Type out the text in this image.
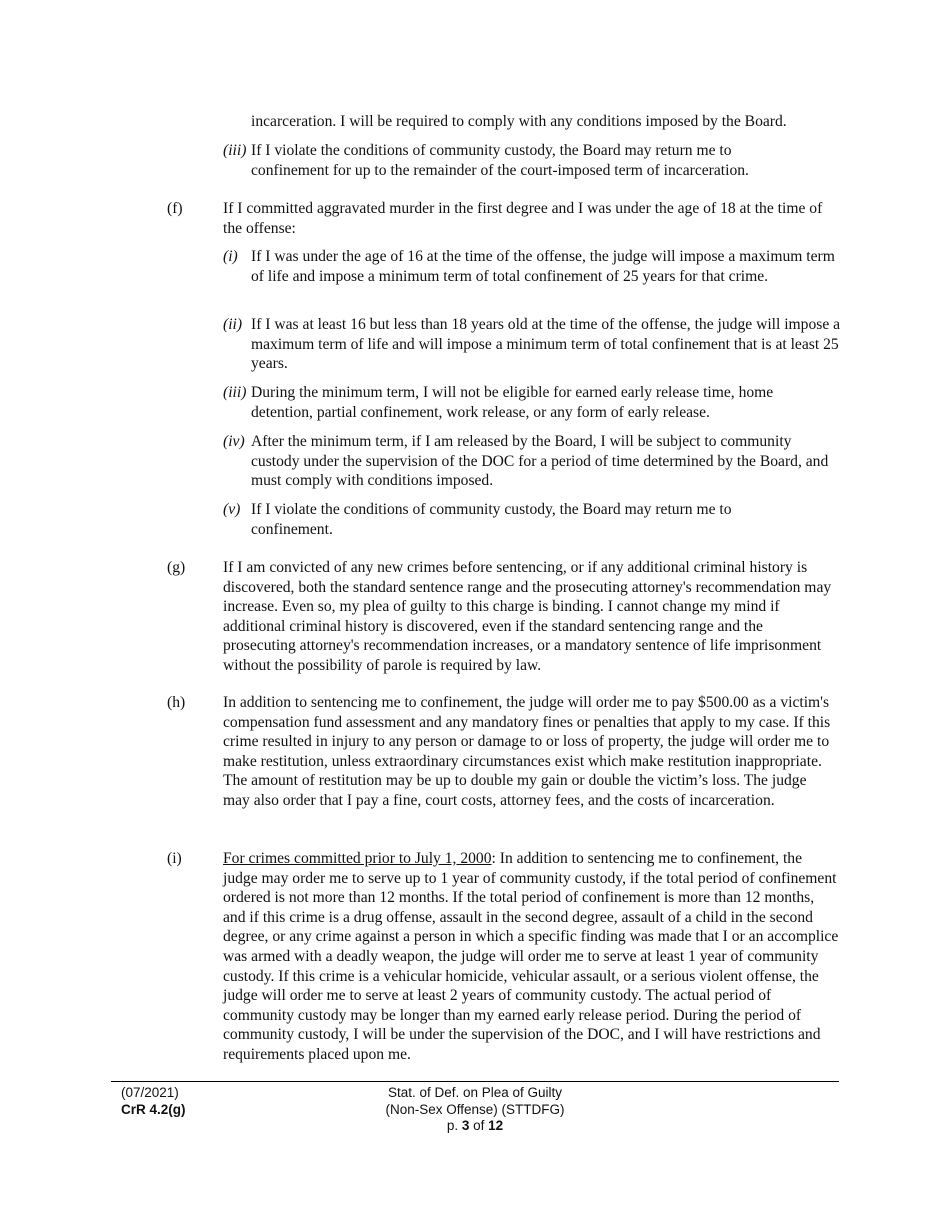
incarceration. I will be required to comply with any conditions imposed by the Board.
(iii) If I violate the conditions of community custody, the Board may return me to confinement for up to the remainder of the court-imposed term of incarceration.
(f)	If I committed aggravated murder in the first degree and I was under the age of 18 at the time of the offense:
(i) If I was under the age of 16 at the time of the offense, the judge will impose a maximum term of life and impose a minimum term of total confinement of 25 years for that crime.
(ii) If I was at least 16 but less than 18 years old at the time of the offense, the judge will impose a maximum term of life and will impose a minimum term of total confinement that is at least 25 years.
(iii) During the minimum term, I will not be eligible for earned early release time, home detention, partial confinement, work release, or any form of early release.
(iv) After the minimum term, if I am released by the Board, I will be subject to community custody under the supervision of the DOC for a period of time determined by the Board, and must comply with conditions imposed.
(v) If I violate the conditions of community custody, the Board may return me to confinement.
(g) If I am convicted of any new crimes before sentencing, or if any additional criminal history is discovered, both the standard sentence range and the prosecuting attorney's recommendation may increase. Even so, my plea of guilty to this charge is binding. I cannot change my mind if additional criminal history is discovered, even if the standard sentencing range and the prosecuting attorney's recommendation increases, or a mandatory sentence of life imprisonment without the possibility of parole is required by law.
(h) In addition to sentencing me to confinement, the judge will order me to pay $500.00 as a victim's compensation fund assessment and any mandatory fines or penalties that apply to my case. If this crime resulted in injury to any person or damage to or loss of property, the judge will order me to make restitution, unless extraordinary circumstances exist which make restitution inappropriate. The amount of restitution may be up to double my gain or double the victim’s loss. The judge may also order that I pay a fine, court costs, attorney fees, and the costs of incarceration.
(i)	For crimes committed prior to July 1, 2000: In addition to sentencing me to confinement, the judge may order me to serve up to 1 year of community custody, if the total period of confinement ordered is not more than 12 months. If the total period of confinement is more than 12 months, and if this crime is a drug offense, assault in the second degree, assault of a child in the second degree, or any crime against a person in which a specific finding was made that I or an accomplice was armed with a deadly weapon, the judge will order me to serve at least 1 year of community custody. If this crime is a vehicular homicide, vehicular assault, or a serious violent offense, the judge will order me to serve at least 2 years of community custody. The actual period of community custody may be longer than my earned early release period. During the period of community custody, I will be under the supervision of the DOC, and I will have restrictions and requirements placed upon me.
(07/2021)
CrR 4.2(g)
Stat. of Def. on Plea of Guilty
(Non-Sex Offense) (STTDFG)
p. 3 of 12
